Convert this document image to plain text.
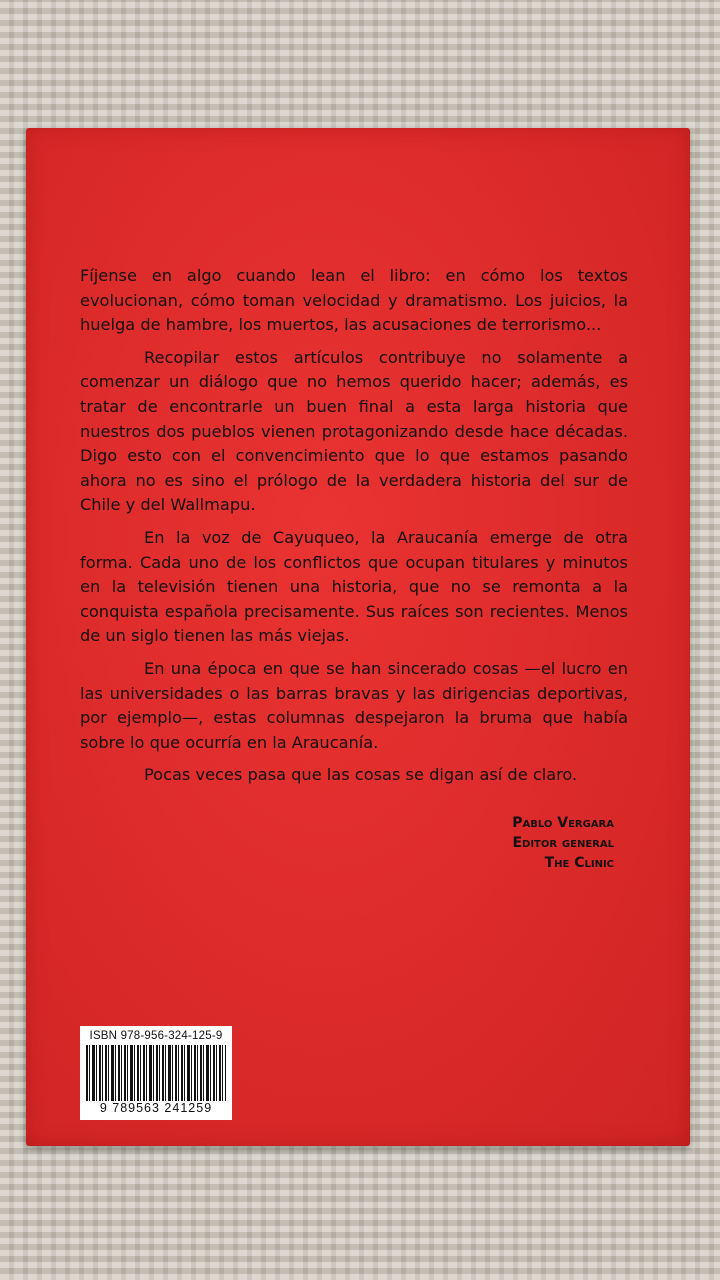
Fíjense en algo cuando lean el libro: en cómo los textos evolucionan, cómo toman velocidad y dramatismo. Los juicios, la huelga de hambre, los muertos, las acusaciones de terrorismo...

Recopilar estos artículos contribuye no solamente a comenzar un diálogo que no hemos querido hacer; además, es tratar de encontrarle un buen final a esta larga historia que nuestros dos pueblos vienen protagonizando desde hace décadas. Digo esto con el convencimiento que lo que estamos pasando ahora no es sino el prólogo de la verdadera historia del sur de Chile y del Wallmapu.

En la voz de Cayuqueo, la Araucanía emerge de otra forma. Cada uno de los conflictos que ocupan titulares y minutos en la televisión tienen una historia, que no se remonta a la conquista española precisamente. Sus raíces son recientes. Menos de un siglo tienen las más viejas.

En una época en que se han sincerado cosas —el lucro en las universidades o las barras bravas y las dirigencias deportivas, por ejemplo—, estas columnas despejaron la bruma que había sobre lo que ocurría en la Araucanía.

Pocas veces pasa que las cosas se digan así de claro.

Pablo Vergara
Editor general
The Clinic
ISBN 978-956-324-125-9
9 789563 241259
